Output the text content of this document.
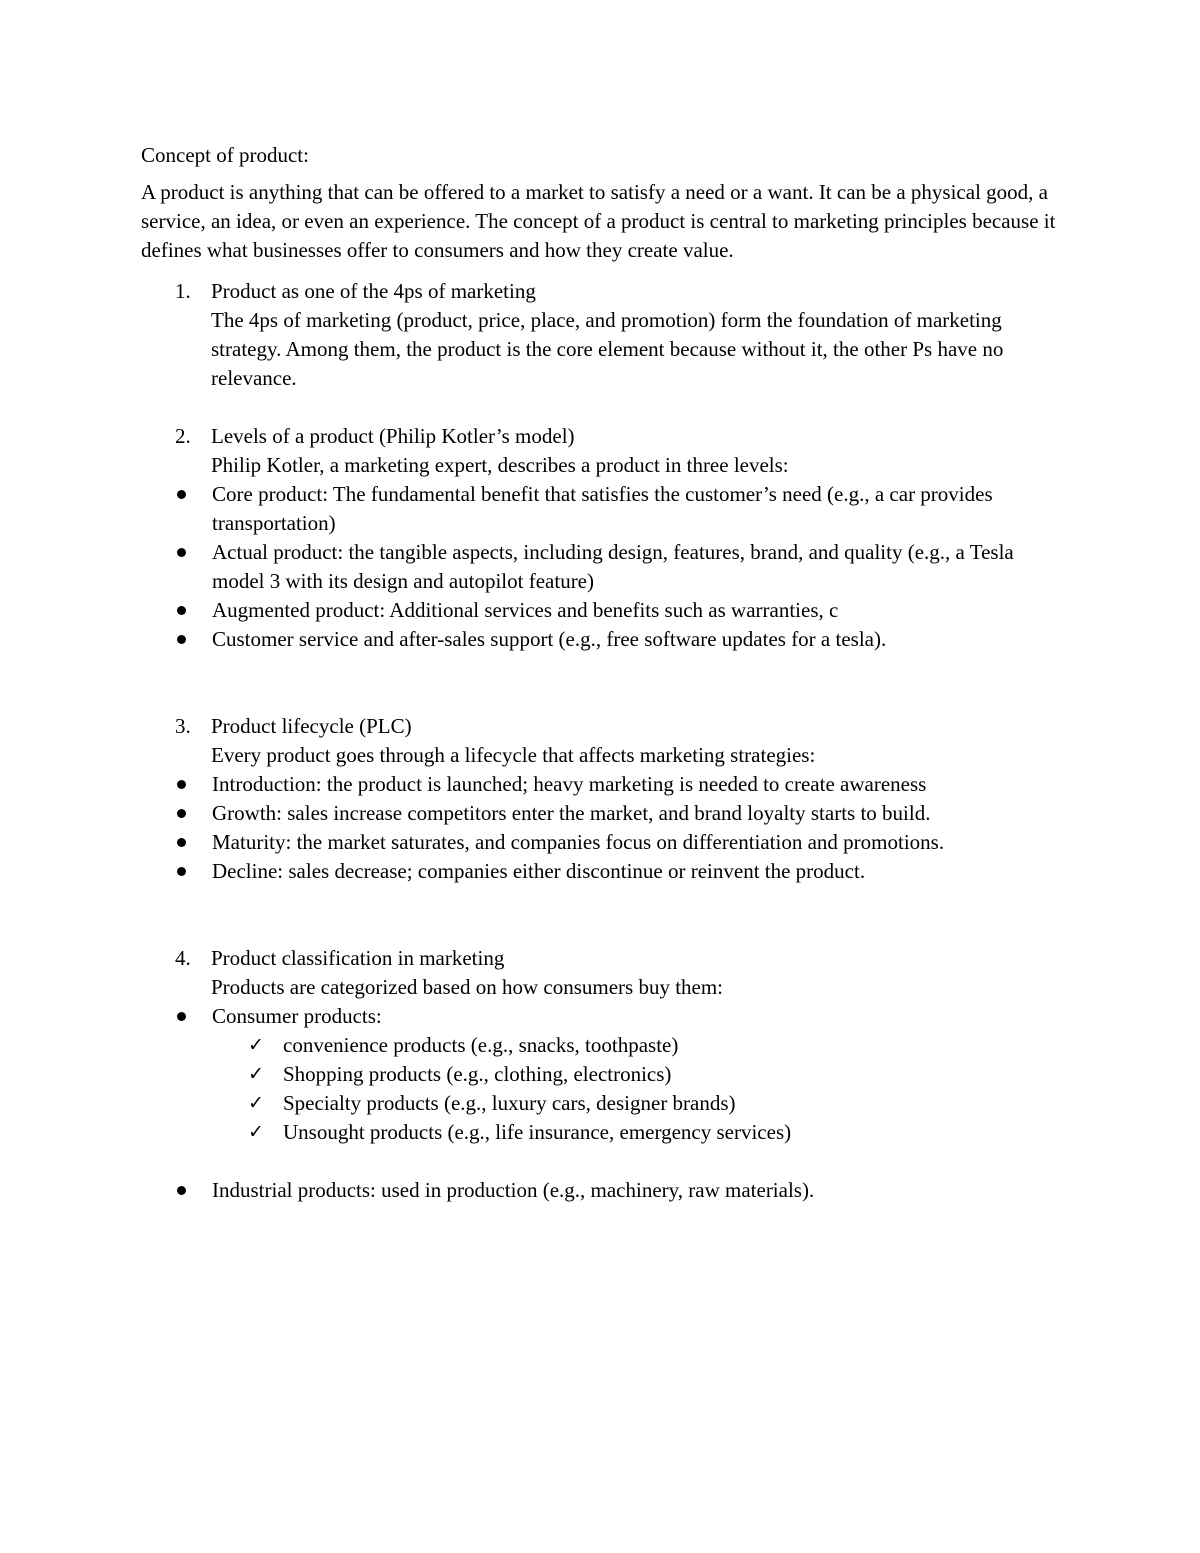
Concept of product:

A product is anything that can be offered to a market to satisfy a need or a want. It can be a physical good, a service, an idea, or even an experience. The concept of a product is central to marketing principles because it defines what businesses offer to consumers and how they create value.

1. Product as one of the 4ps of marketing
The 4ps of marketing (product, price, place, and promotion) form the foundation of marketing strategy. Among them, the product is the core element because without it, the other Ps have no relevance.
2. Levels of a product (Philip Kotler’s model)
Philip Kotler, a marketing expert, describes a product in three levels:
Core product: The fundamental benefit that satisfies the customer’s need (e.g., a car provides transportation)
Actual product: the tangible aspects, including design, features, brand, and quality (e.g., a Tesla model 3 with its design and autopilot feature)
Augmented product: Additional services and benefits such as warranties, c
Customer service and after-sales support (e.g., free software updates for a tesla).
3. Product lifecycle (PLC)
Every product goes through a lifecycle that affects marketing strategies:
Introduction: the product is launched; heavy marketing is needed to create awareness
Growth: sales increase competitors enter the market, and brand loyalty starts to build.
Maturity: the market saturates, and companies focus on differentiation and promotions.
Decline: sales decrease; companies either discontinue or reinvent the product.
4. Product classification in marketing
Products are categorized based on how consumers buy them:
Consumer products:
✓ convenience products (e.g., snacks, toothpaste)
✓ Shopping products (e.g., clothing, electronics)
✓ Specialty products (e.g., luxury cars, designer brands)
✓ Unsought products (e.g., life insurance, emergency services)
Industrial products: used in production (e.g., machinery, raw materials).
